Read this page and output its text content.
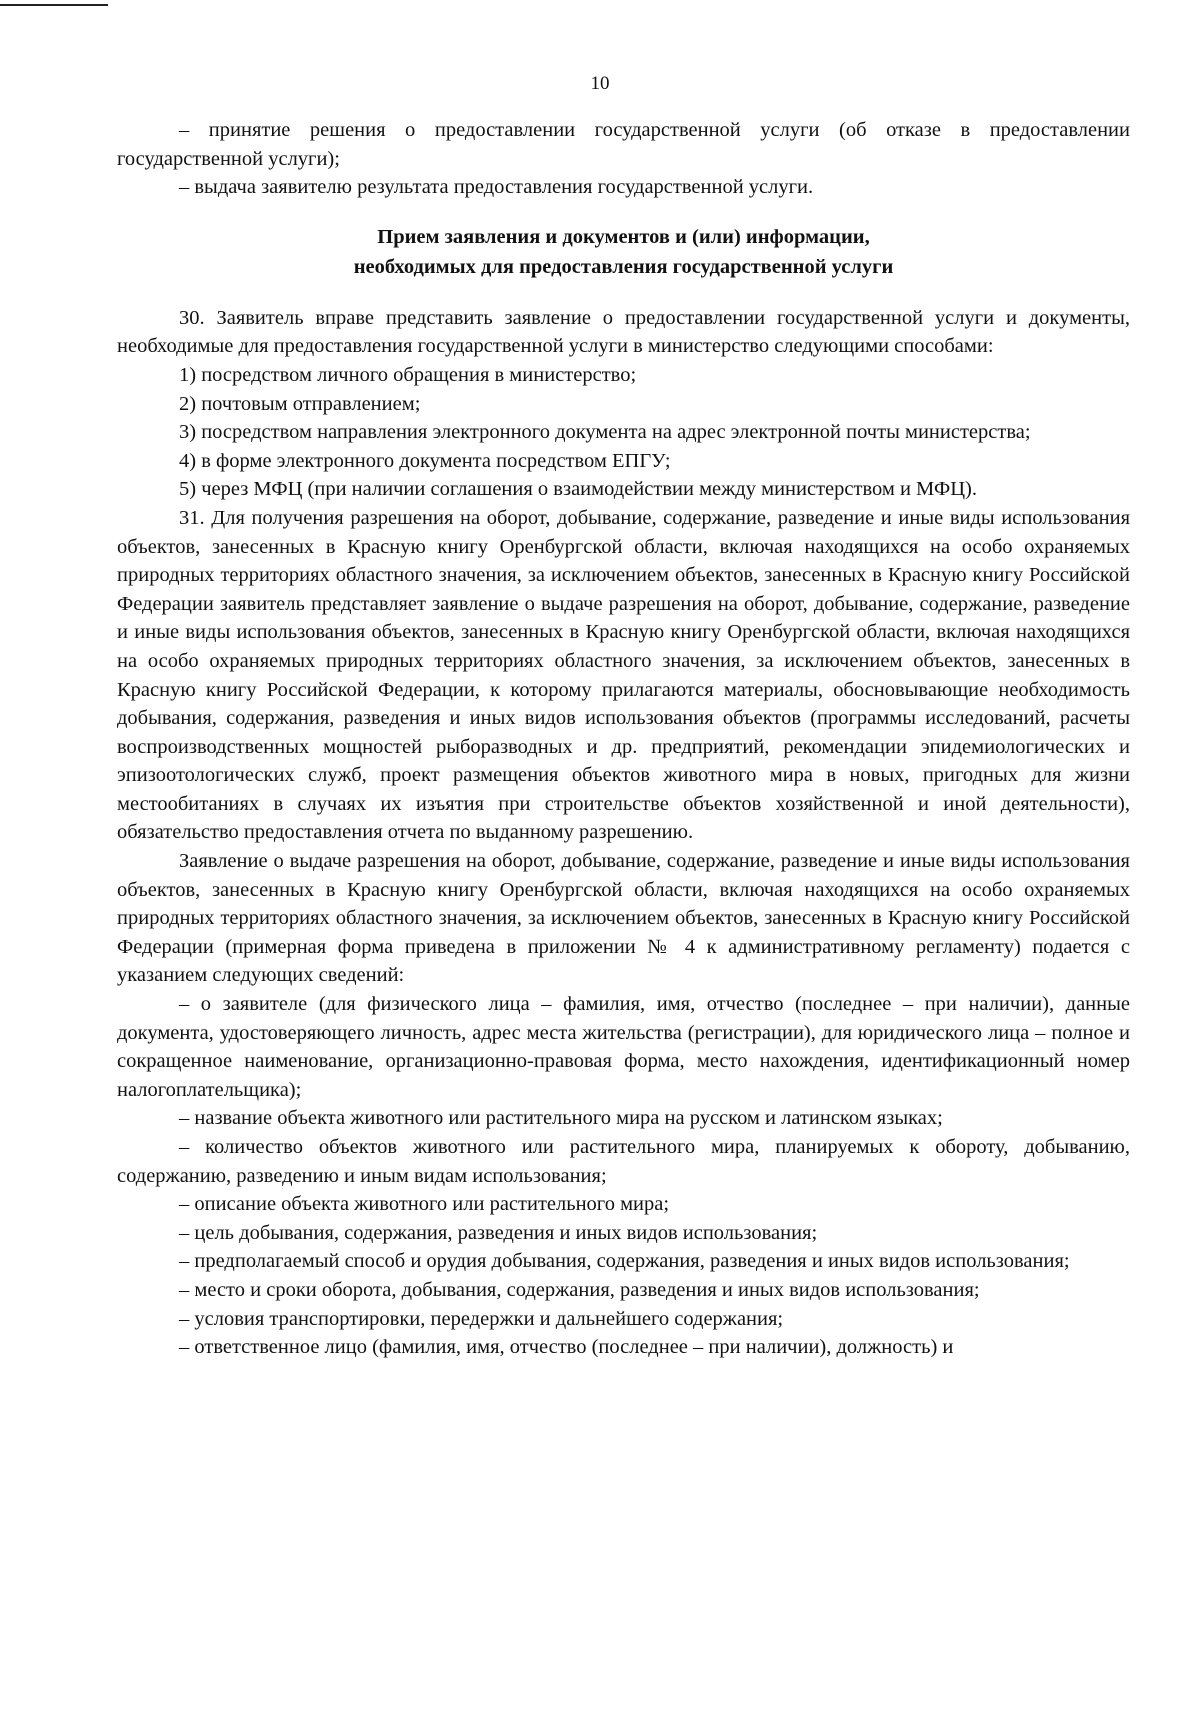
10

– принятие решения о предоставлении государственной услуги (об отказе в предоставлении государственной услуги);

– выдача заявителю результата предоставления государственной услуги.

Прием заявления и документов и (или) информации,
необходимых для предоставления государственной услуги

30. Заявитель вправе представить заявление о предоставлении государственной услуги и документы, необходимые для предоставления государственной услуги в министерство следующими способами:

1) посредством личного обращения в министерство;

2) почтовым отправлением;

3) посредством направления электронного документа на адрес электронной почты министерства;

4) в форме электронного документа посредством ЕПГУ;

5) через МФЦ (при наличии соглашения о взаимодействии между министерством и МФЦ).

31. Для получения разрешения на оборот, добывание, содержание, разведение и иные виды использования объектов, занесенных в Красную книгу Оренбургской области, включая находящихся на особо охраняемых природных территориях областного значения, за исключением объектов, занесенных в Красную книгу Российской Федерации заявитель представляет заявление о выдаче разрешения на оборот, добывание, содержание, разведение и иные виды использования объектов, занесенных в Красную книгу Оренбургской области, включая находящихся на особо охраняемых природных территориях областного значения, за исключением объектов, занесенных в Красную книгу Российской Федерации, к которому прилагаются материалы, обосновывающие необходимость добывания, содержания, разведения и иных видов использования объектов (программы исследований, расчеты воспроизводственных мощностей рыборазводных и др. предприятий, рекомендации эпидемиологических и эпизоотологических служб, проект размещения объектов животного мира в новых, пригодных для жизни местообитаниях в случаях их изъятия при строительстве объектов хозяйственной и иной деятельности), обязательство предоставления отчета по выданному разрешению.

Заявление о выдаче разрешения на оборот, добывание, содержание, разведение и иные виды использования объектов, занесенных в Красную книгу Оренбургской области, включая находящихся на особо охраняемых природных территориях областного значения, за исключением объектов, занесенных в Красную книгу Российской Федерации (примерная форма приведена в приложении № 4 к административному регламенту) подается с указанием следующих сведений:

– о заявителе (для физического лица – фамилия, имя, отчество (последнее – при наличии), данные документа, удостоверяющего личность, адрес места жительства (регистрации), для юридического лица – полное и сокращенное наименование, организационно-правовая форма, место нахождения, идентификационный номер налогоплательщика);

– название объекта животного или растительного мира на русском и латинском языках;

– количество объектов животного или растительного мира, планируемых к обороту, добыванию, содержанию, разведению и иным видам использования;

– описание объекта животного или растительного мира;

– цель добывания, содержания, разведения и иных видов использования;

– предполагаемый способ и орудия добывания, содержания, разведения и иных видов использования;

– место и сроки оборота, добывания, содержания, разведения и иных видов использования;

– условия транспортировки, передержки и дальнейшего содержания;

– ответственное лицо (фамилия, имя, отчество (последнее – при наличии), должность) и
